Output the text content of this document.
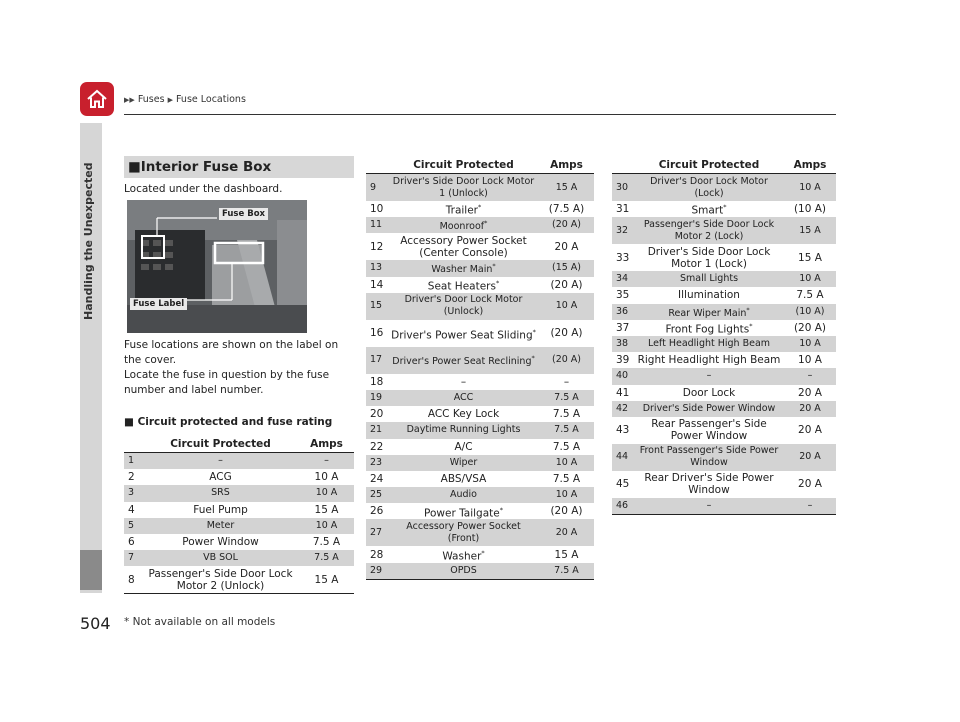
▶▶ Fuses ▶ Fuse Locations
Handling the Unexpected ■Interior Fuse Box
Located under the dashboard.
Fuse Box
Fuse Label
Fuse locations are shown on the label on
the cover.
Locate the fuse in question by the fuse
number and label number.
■ Circuit protected and fuse rating
	Circuit Protected	Amps
1	–	–
2	ACG	10 A
3	SRS	10 A
4	Fuel Pump	15 A
5	Meter	10 A
6	Power Window	7.5 A
7	VB SOL	7.5 A
8	Passenger's Side Door Lock Motor 2 (Unlock)	15 A
	Circuit Protected	Amps
9	Driver's Side Door Lock Motor 1 (Unlock)	15 A
10	Trailer*	(7.5 A)
11	Moonroof*	(20 A)
12	Accessory Power Socket (Center Console)	20 A
13	Washer Main*	(15 A)
14	Seat Heaters*	(20 A)
15	Driver's Door Lock Motor (Unlock)	10 A
16	Driver's Power Seat Sliding*	(20 A)
17	Driver's Power Seat Reclining*	(20 A)
18	–	–
19	ACC	7.5 A
20	ACC Key Lock	7.5 A
21	Daytime Running Lights	7.5 A
22	A/C	7.5 A
23	Wiper	10 A
24	ABS/VSA	7.5 A
25	Audio	10 A
26	Power Tailgate*	(20 A)
27	Accessory Power Socket (Front)	20 A
28	Washer*	15 A
29	OPDS	7.5 A
	Circuit Protected	Amps
30	Driver's Door Lock Motor (Lock)	10 A
31	Smart*	(10 A)
32	Passenger's Side Door Lock Motor 2 (Lock)	15 A
33	Driver's Side Door Lock Motor 1 (Lock)	15 A
34	Small Lights	10 A
35	Illumination	7.5 A
36	Rear Wiper Main*	(10 A)
37	Front Fog Lights*	(20 A)
38	Left Headlight High Beam	10 A
39	Right Headlight High Beam	10 A
40	–	–
41	Door Lock	20 A
42	Driver's Side Power Window	20 A
43	Rear Passenger's Side Power Window	20 A
44	Front Passenger's Side Power Window	20 A
45	Rear Driver's Side Power Window	20 A
46	–	–
504 * Not available on all models
